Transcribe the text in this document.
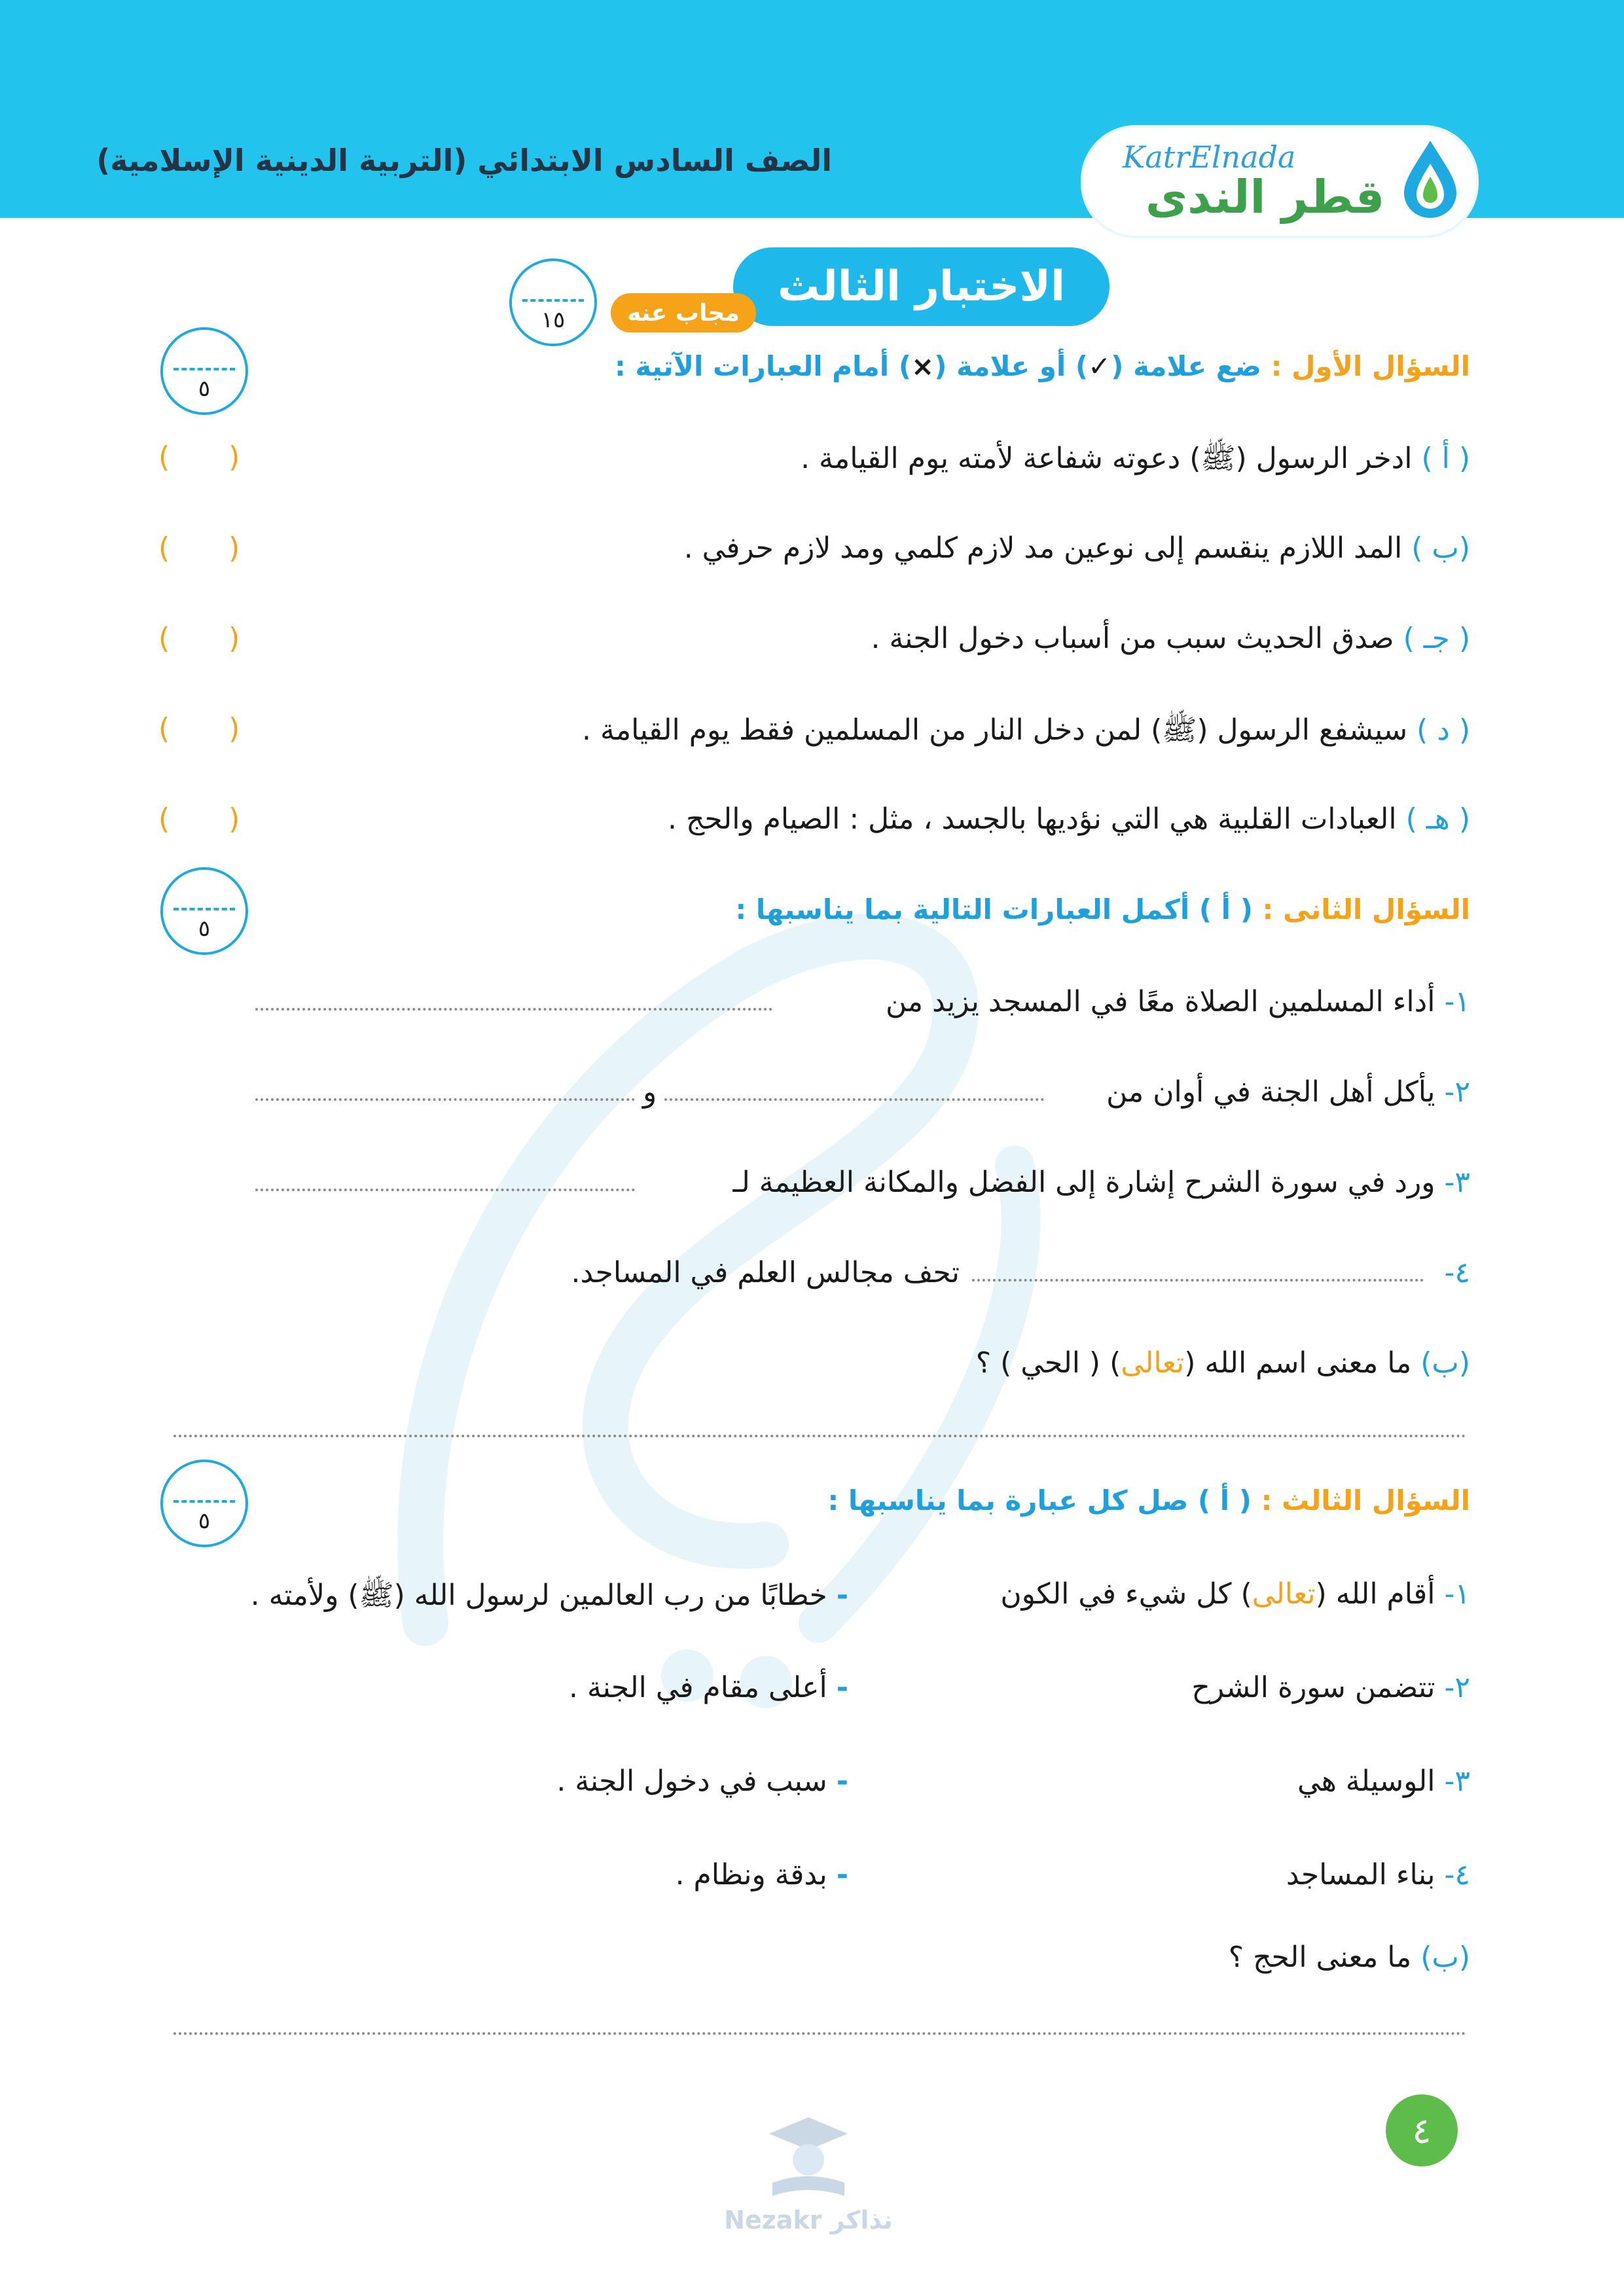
الصف السادس الابتدائي (التربية الدينية الإسلامية)	KatrElnada
قطر الندى
الاختبار الثالث
مجاب عنه
١٥
٥
السؤال الأول : ضع علامة (✓) أو علامة (×) أمام العبارات الآتية :
( أ ) ادخر الرسول (ﷺ) دعوته شفاعة لأمته يوم القيامة .
(ب ) المد اللازم ينقسم إلى نوعين مد لازم كلمي ومد لازم حرفي .
( جـ ) صدق الحديث سبب من أسباب دخول الجنة .
( د ) سيشفع الرسول (ﷺ) لمن دخل النار من المسلمين فقط يوم القيامة .
( هـ ) العبادات القلبية هي التي نؤديها بالجسد ، مثل : الصيام والحج .
( )
( )
( )
( )
( )
٥
السؤال الثانى : ( أ ) أكمل العبارات التالية بما يناسبها :
١- أداء المسلمين الصلاة معًا في المسجد يزيد من
٢- يأكل أهل الجنة في أوان من
و
٣- ورد في سورة الشرح إشارة إلى الفضل والمكانة العظيمة لـ
٤-
تحف مجالس العلم في المساجد.
(ب) ما معنى اسم الله (تعالى) ( الحي ) ؟
٥
السؤال الثالث : ( أ ) صل كل عبارة بما يناسبها :
١- أقام الله (تعالى) كل شيء في الكون
٢- تتضمن سورة الشرح
٣- الوسيلة هي
٤- بناء المساجد
- خطابًا من رب العالمين لرسول الله (ﷺ) ولأمته .
- أعلى مقام في الجنة .
- سبب في دخول الجنة .
- بدقة ونظام .
(ب) ما معنى الحج ؟
٤
Nezakr نذاكر
